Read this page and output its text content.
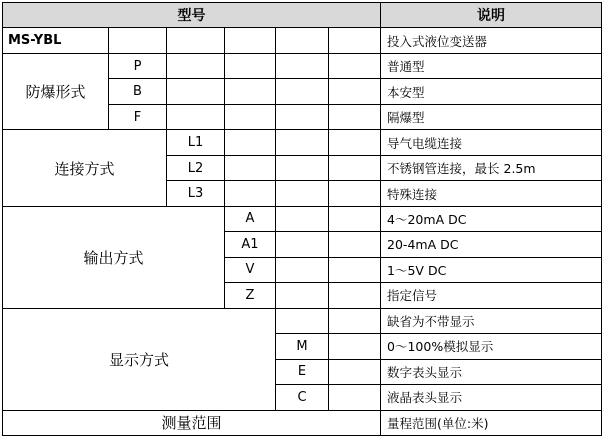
型号						说明
MS-YBL						投入式液位变送器
防爆形式	P					普通型
	B					本安型
	F					隔爆型
连接方式		L1				导气电缆连接
		L2				不锈钢管连接，最长 2.5m
		L3				特殊连接
输出方式			A			4～20mA DC
			A1			20-4mA DC
			V			1～5V DC
			Z			指定信号
显示方式						缺省为不带显示
				M		0～100%模拟显示
				E		数字表头显示
				C		液晶表头显示
测量范围						量程范围(单位:米)
